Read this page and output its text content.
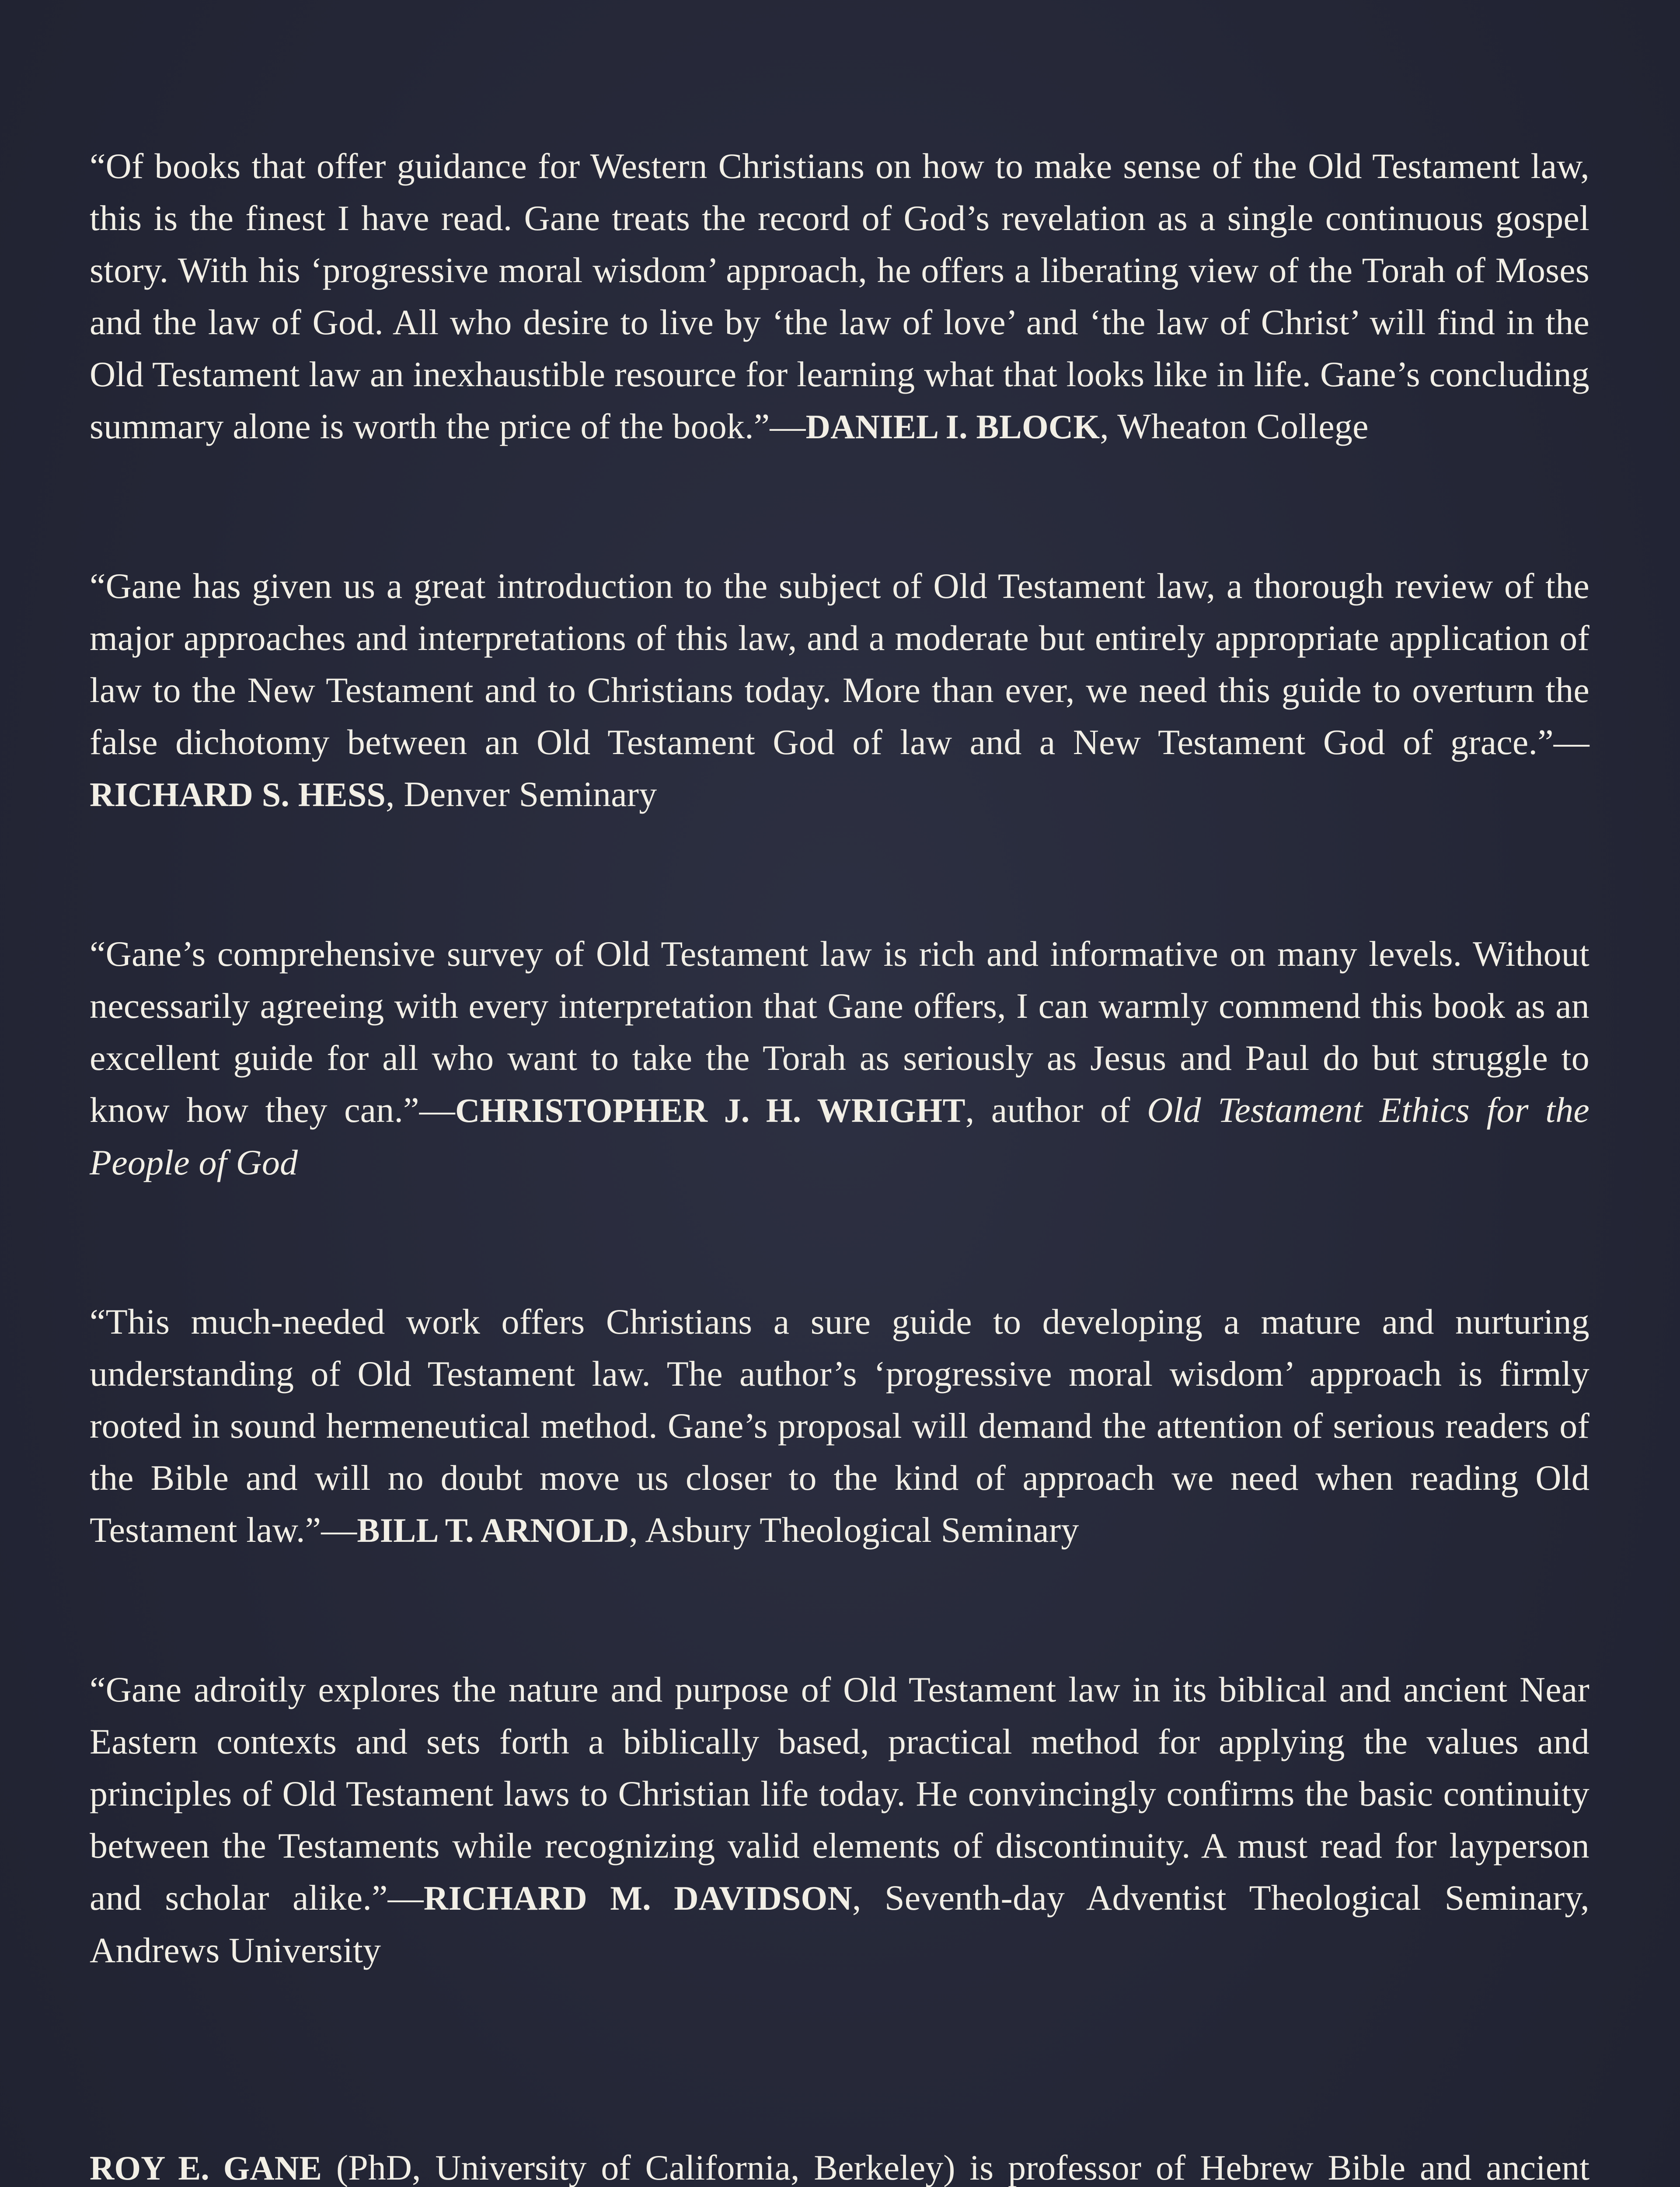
“Of books that offer guidance for Western Christians on how to make sense of the Old Testament law, this is the finest I have read. Gane treats the record of God’s revelation as a single continuous gospel story. With his ‘progressive moral wisdom’ approach, he offers a liberating view of the Torah of Moses and the law of God. All who desire to live by ‘the law of love’ and ‘the law of Christ’ will find in the Old Testament law an inexhaustible resource for learning what that looks like in life. Gane’s concluding summary alone is worth the price of the book.”—DANIEL I. BLOCK, Wheaton College

“Gane has given us a great introduction to the subject of Old Testament law, a thorough review of the major approaches and interpretations of this law, and a moderate but entirely appropriate application of law to the New Testament and to Christians today. More than ever, we need this guide to overturn the false dichotomy between an Old Testament God of law and a New Testament God of grace.”—RICHARD S. HESS, Denver Seminary

“Gane’s comprehensive survey of Old Testament law is rich and informative on many levels. Without necessarily agreeing with every interpretation that Gane offers, I can warmly commend this book as an excellent guide for all who want to take the Torah as seriously as Jesus and Paul do but struggle to know how they can.”—CHRISTOPHER J. H. WRIGHT, author of Old Testament Ethics for the People of God

“This much-needed work offers Christians a sure guide to developing a mature and nurturing understanding of Old Testament law. The author’s ‘progressive moral wisdom’ approach is firmly rooted in sound hermeneutical method. Gane’s proposal will demand the attention of serious readers of the Bible and will no doubt move us closer to the kind of approach we need when reading Old Testament law.”—BILL T. ARNOLD, Asbury Theological Seminary

“Gane adroitly explores the nature and purpose of Old Testament law in its biblical and ancient Near Eastern contexts and sets forth a biblically based, practical method for applying the values and principles of Old Testament laws to Christian life today. He convincingly confirms the basic continuity between the Testaments while recognizing valid elements of discontinuity. A must read for layperson and scholar alike.”—RICHARD M. DAVIDSON, Seventh-day Adventist Theological Seminary, Andrews University

ROY E. GANE (PhD, University of California, Berkeley) is professor of Hebrew Bible and ancient
